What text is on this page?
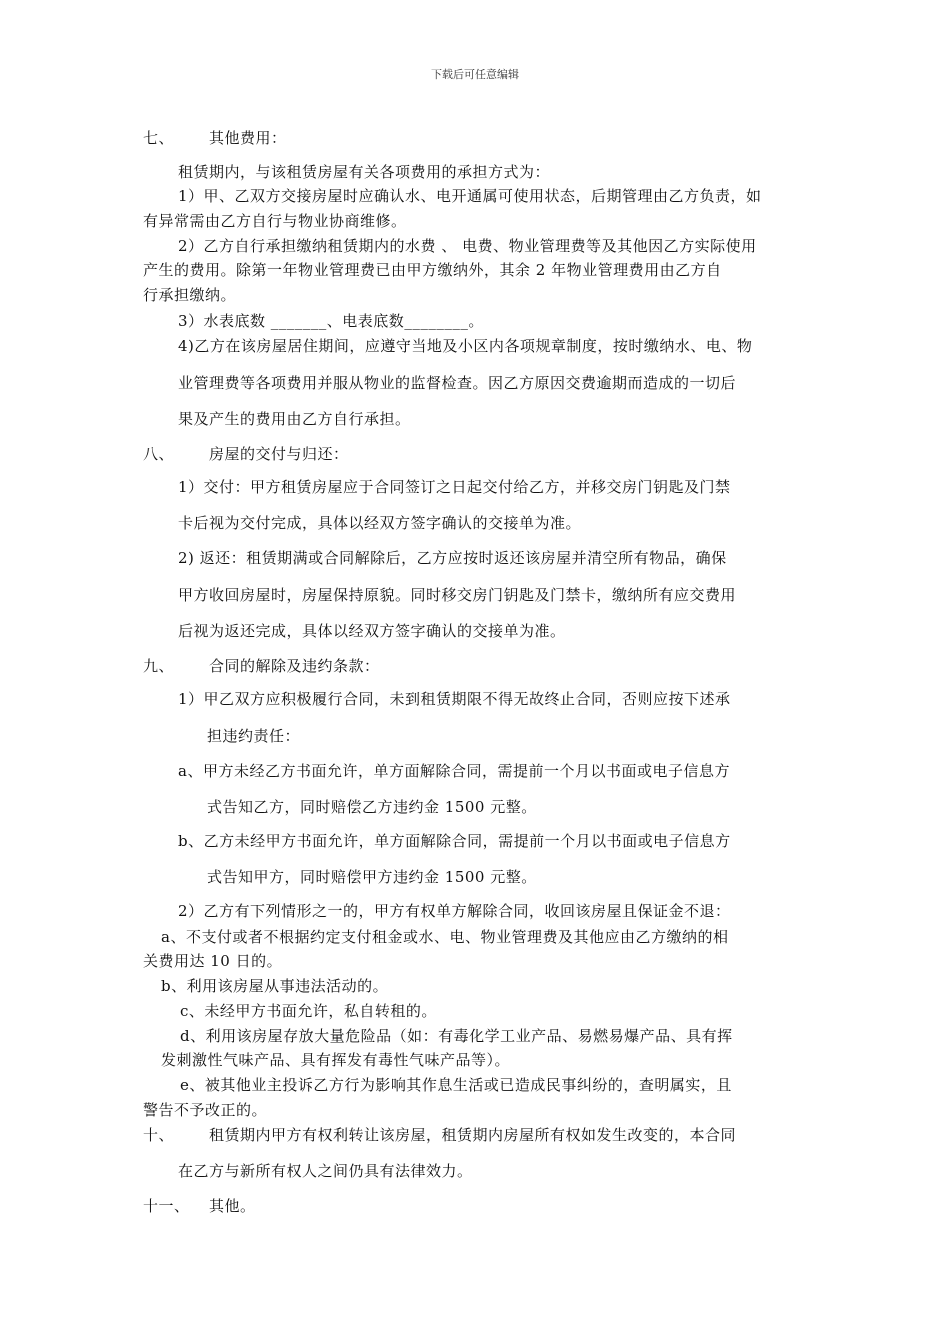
下载后可任意编辑
七、 其他费用：
租赁期内，与该租赁房屋有关各项费用的承担方式为：
1）甲、乙双方交接房屋时应确认水、电开通属可使用状态，后期管理由乙方负责，如
有异常需由乙方自行与物业协商维修。
2）乙方自行承担缴纳租赁期内的水费 、 电费、物业管理费等及其他因乙方实际使用
产生的费用。除第一年物业管理费已由甲方缴纳外，其余 2 年物业管理费用由乙方自
行承担缴纳。
3）水表底数 _______、电表底数________。
4)乙方在该房屋居住期间，应遵守当地及小区内各项规章制度，按时缴纳水、电、物
业管理费等各项费用并服从物业的监督检查。因乙方原因交费逾期而造成的一切后
果及产生的费用由乙方自行承担。
八、 房屋的交付与归还：
1）交付：甲方租赁房屋应于合同签订之日起交付给乙方，并移交房门钥匙及门禁
卡后视为交付完成，具体以经双方签字确认的交接单为准。
2) 返还：租赁期满或合同解除后，乙方应按时返还该房屋并清空所有物品，确保
甲方收回房屋时，房屋保持原貌。同时移交房门钥匙及门禁卡，缴纳所有应交费用
后视为返还完成，具体以经双方签字确认的交接单为准。
九、 合同的解除及违约条款：
1）甲乙双方应积极履行合同，未到租赁期限不得无故终止合同，否则应按下述承
担违约责任：
a、甲方未经乙方书面允许，单方面解除合同，需提前一个月以书面或电子信息方
式告知乙方，同时赔偿乙方违约金 1500 元整。
b、乙方未经甲方书面允许，单方面解除合同，需提前一个月以书面或电子信息方
式告知甲方，同时赔偿甲方违约金 1500 元整。
2）乙方有下列情形之一的，甲方有权单方解除合同，收回该房屋且保证金不退：
a、不支付或者不根据约定支付租金或水、电、物业管理费及其他应由乙方缴纳的相
关费用达 10 日的。
b、利用该房屋从事违法活动的。
c、未经甲方书面允许，私自转租的。
d、利用该房屋存放大量危险品（如：有毒化学工业产品、易燃易爆产品、具有挥
发刺激性气味产品、具有挥发有毒性气味产品等）。
e、被其他业主投诉乙方行为影响其作息生活或已造成民事纠纷的，查明属实，且
警告不予改正的。
十、 租赁期内甲方有权利转让该房屋，租赁期内房屋所有权如发生改变的，本合同
在乙方与新所有权人之间仍具有法律效力。
十一、 其他。
